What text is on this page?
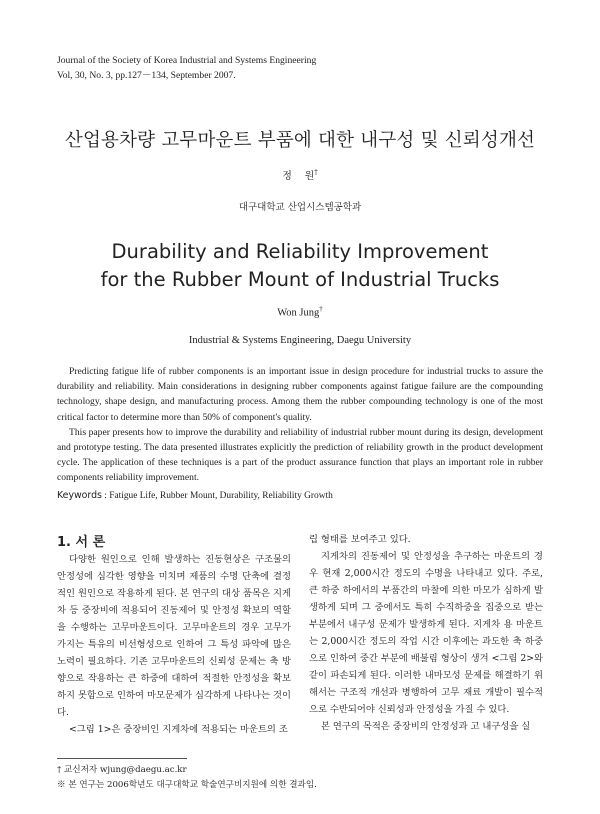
Journal of the Society of Korea Industrial and Systems Engineering
Vol, 30, No. 3, pp.127－134, September 2007.
산업용차량 고무마운트 부품에 대한 내구성 및 신뢰성개선
정    원†
대구대학교 산업시스템공학과
Durability and Reliability Improvement
for the Rubber Mount of Industrial Trucks
Won Jung†
Industrial & Systems Engineering, Daegu University

Predicting fatigue life of rubber components is an important issue in design procedure for industrial trucks to assure the durability and reliability. Main considerations in designing rubber components against fatigue failure are the compounding technology, shape design, and manufacturing process. Among them the rubber compounding technology is one of the most critical factor to determine more than 50% of component's quality.

This paper presents how to improve the durability and reliability of industrial rubber mount during its design, development and prototype testing. The data presented illustrates explicitly the prediction of reliability growth in the product development cycle. The application of these techniques is a part of the product assurance function that plays an important role in rubber components reliability improvement.

Keywords : Fatigue Life, Rubber Mount, Durability, Reliability Growth
1. 서 론

다양한 원인으로 인해 발생하는 진동현상은 구조물의 안정성에 심각한 영향을 미치며 제품의 수명 단축에 결정적인 원인으로 작용하게 된다. 본 연구의 대상 품목은 지게차 등 중장비에 적용되어 진동제어 및 안정성 확보의 역할을 수행하는 고무마운트이다. 고무마운트의 경우 고무가 가지는 특유의 비선형성으로 인하여 그 특성 파악에 많은 노력이 필요하다. 기존 고무마운트의 신뢰성 문제는 축 방향으로 작용하는 큰 하중에 대하여 적절한 안정성을 확보하지 못함으로 인하여 마모문제가 심각하게 나타나는 것이다.

<그림 1>은 중장비인 지게차에 적용되는 마운트의 조

립 형태를 보여주고 있다.

지게차의 진동제어 및 안정성을 추구하는 마운트의 경우 현재 2,000시간 정도의 수명을 나타내고 있다. 주로, 큰 하중 하에서의 부품간의 마찰에 의한 마모가 심하게 발생하게 되며 그 중에서도 특히 수직하중을 집중으로 받는 부분에서 내구성 문제가 발생하게 된다. 지게차 용 마운트는 2,000시간 정도의 작업 시간 이후에는 과도한 축 하중으로 인하여 중간 부분에 배불림 형상이 생겨 <그림 2>와 같이 파손되게 된다. 이러한 내마모성 문제를 해결하기 위해서는 구조적 개선과 병행하여 고무 재료 개발이 필수적으로 수반되어야 신뢰성과 안정성을 가질 수 있다.

본 연구의 목적은 중장비의 안정성과 고 내구성을 실

† 교신저자 wjung@daegu.ac.kr
※ 본 연구는 2006학년도 대구대학교 학술연구비지원에 의한 결과임.
